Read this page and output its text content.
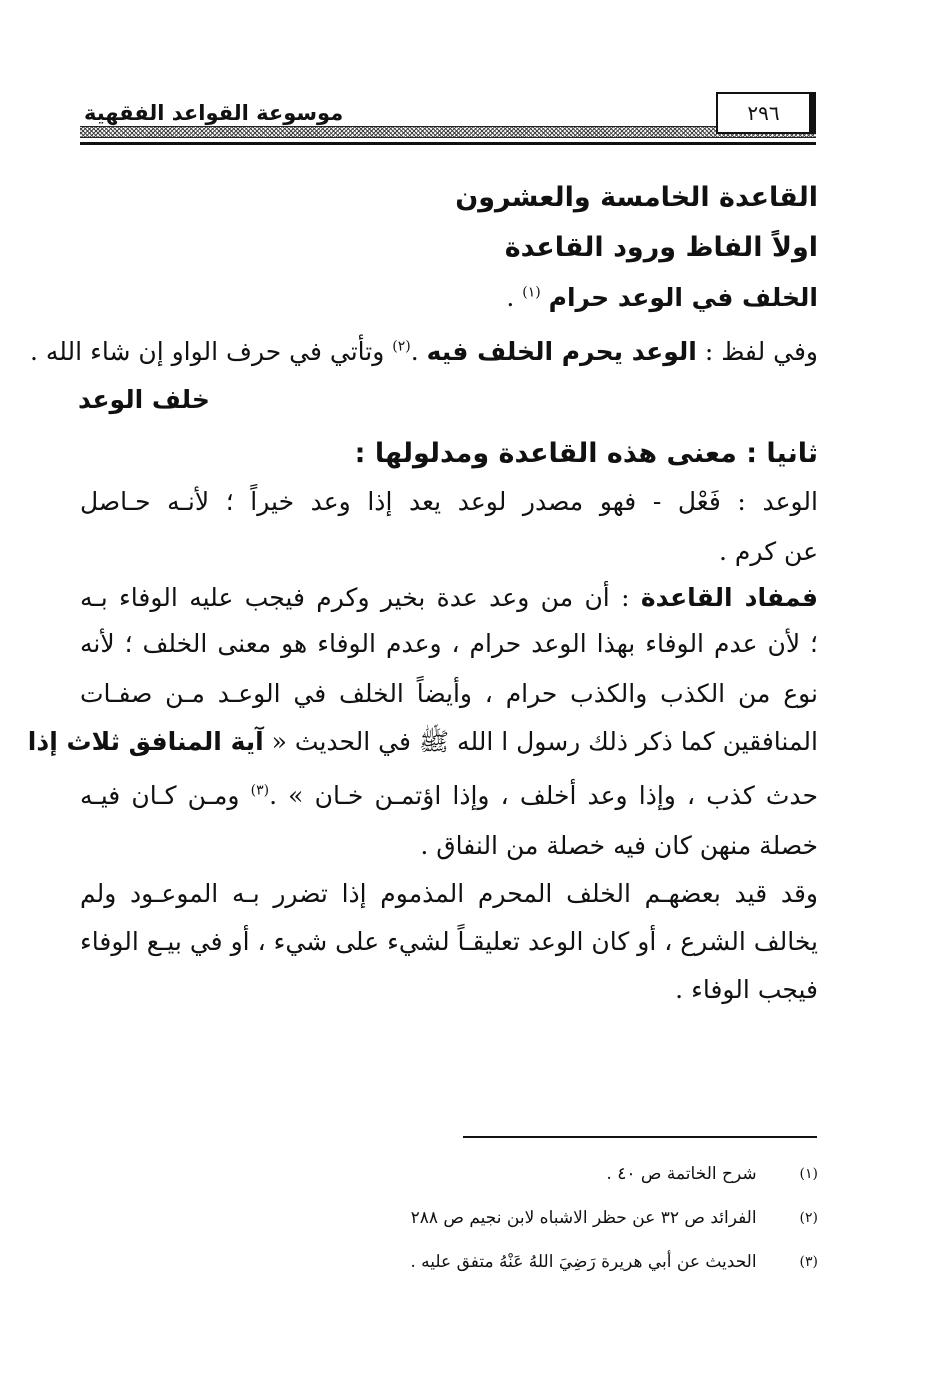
موسوعة القواعد الفقهية	٢٩٦
القاعدة الخامسة والعشرون
اولاً الفاظ ورود القاعدة
الخلف في الوعد حرام $^{(١)}$ .
وفي لفظ : الوعد يحرم الخلف فيه .$^{(٢)}$ وتأتي في حرف الواو إن شاء الله .
خلف الوعد
ثانيا : معنى هذه القاعدة ومدلولها :
الوعد : فَعْل - فهو مصدر لوعد يعد إذا وعد خيراً ؛ لأنـه حـاصل
عن كرم .
فمفاد القاعدة : أن من وعد عدة بخير وكرم فيجب عليه الوفاء بـه
؛ لأن عدم الوفاء بهذا الوعد حرام ، وعدم الوفاء هو معنى الخلف ؛ لأنه
نوع من الكذب والكذب حرام ، وأيضاً الخلف في الوعـد مـن صفـات
المنافقين كما ذكر ذلك رسول ا الله ﷺ في الحديث « آية المنافق ثلاث إذا
حدث كذب ، وإذا وعد أخلف ، وإذا اؤتمـن خـان » .$^{(٣)}$ ومـن كـان فيـه
خصلة منهن كان فيه خصلة من النفاق .
وقد قيد بعضهـم الخلف المحرم المذموم إذا تضرر بـه الموعـود ولم
يخالف الشرع ، أو كان الوعد تعليقـاً لشيء على شيء ، أو في بيـع الوفاء
فيجب الوفاء .
(١) شرح الخاتمة ص ٤٠ .
(٢) الفرائد ص ٣٢ عن حظر الاشباه لابن نجيم ص ٢٨٨
(٣) الحديث عن أبي هريرة رَضِيَ اللهُ عَنْهُ متفق عليه .
